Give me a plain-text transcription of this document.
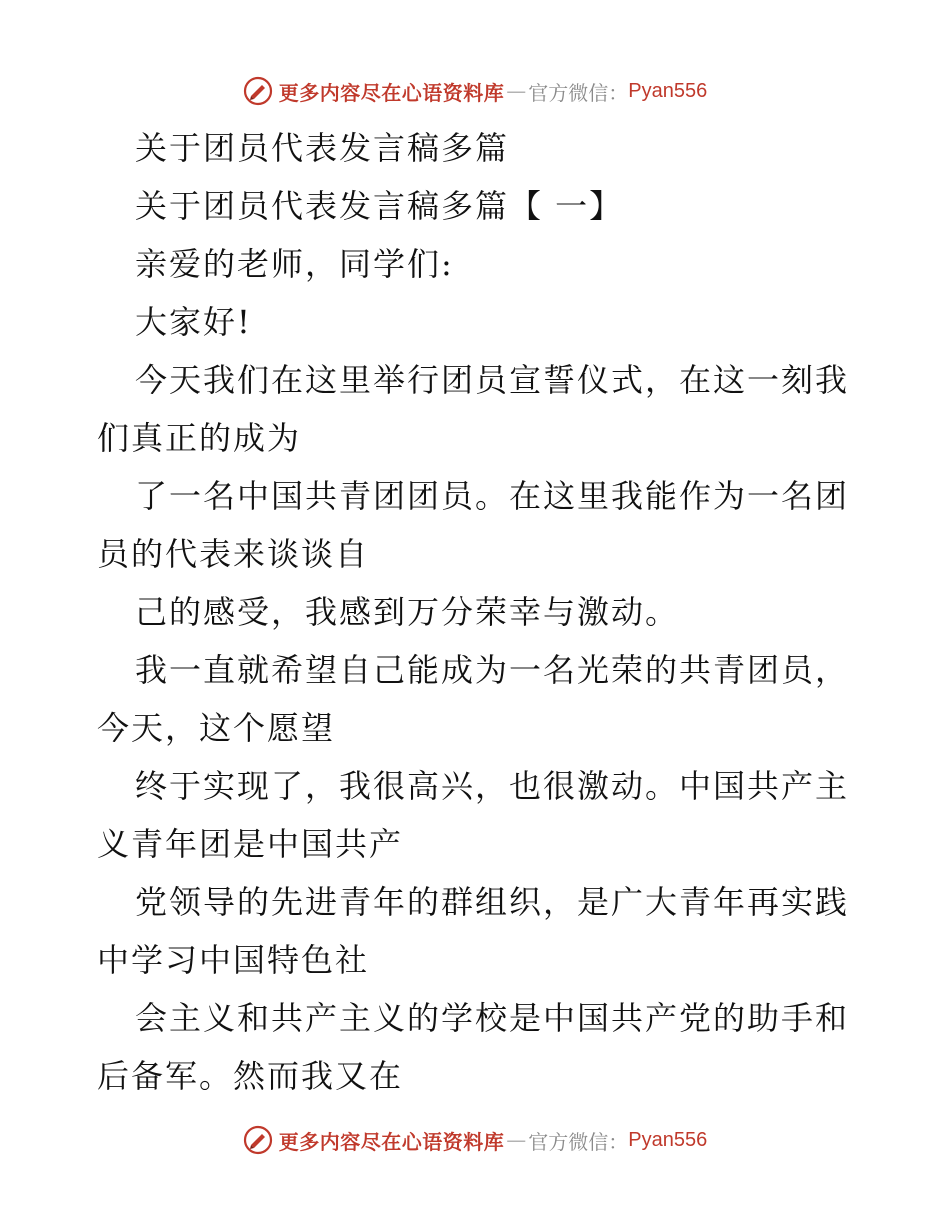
更多内容尽在心语资料库 — 官方微信： Pyan556

关于团员代表发言稿多篇

关于团员代表发言稿多篇【 一】

亲爱的老师，同学们:

大家好!

今天我们在这里举行团员宣誓仪式，在这一刻我们真正的成为

了一名中国共青团团员。在这里我能作为一名团员的代表来谈谈自

己的感受，我感到万分荣幸与激动。

我一直就希望自己能成为一名光荣的共青团员，今天，这个愿望

终于实现了，我很高兴，也很激动。中国共产主义青年团是中国共产

党领导的先进青年的群组织，是广大青年再实践中学习中国特色社

会主义和共产主义的学校是中国共产党的助手和后备军。然而我又在

更多内容尽在心语资料库 — 官方微信： Pyan556
